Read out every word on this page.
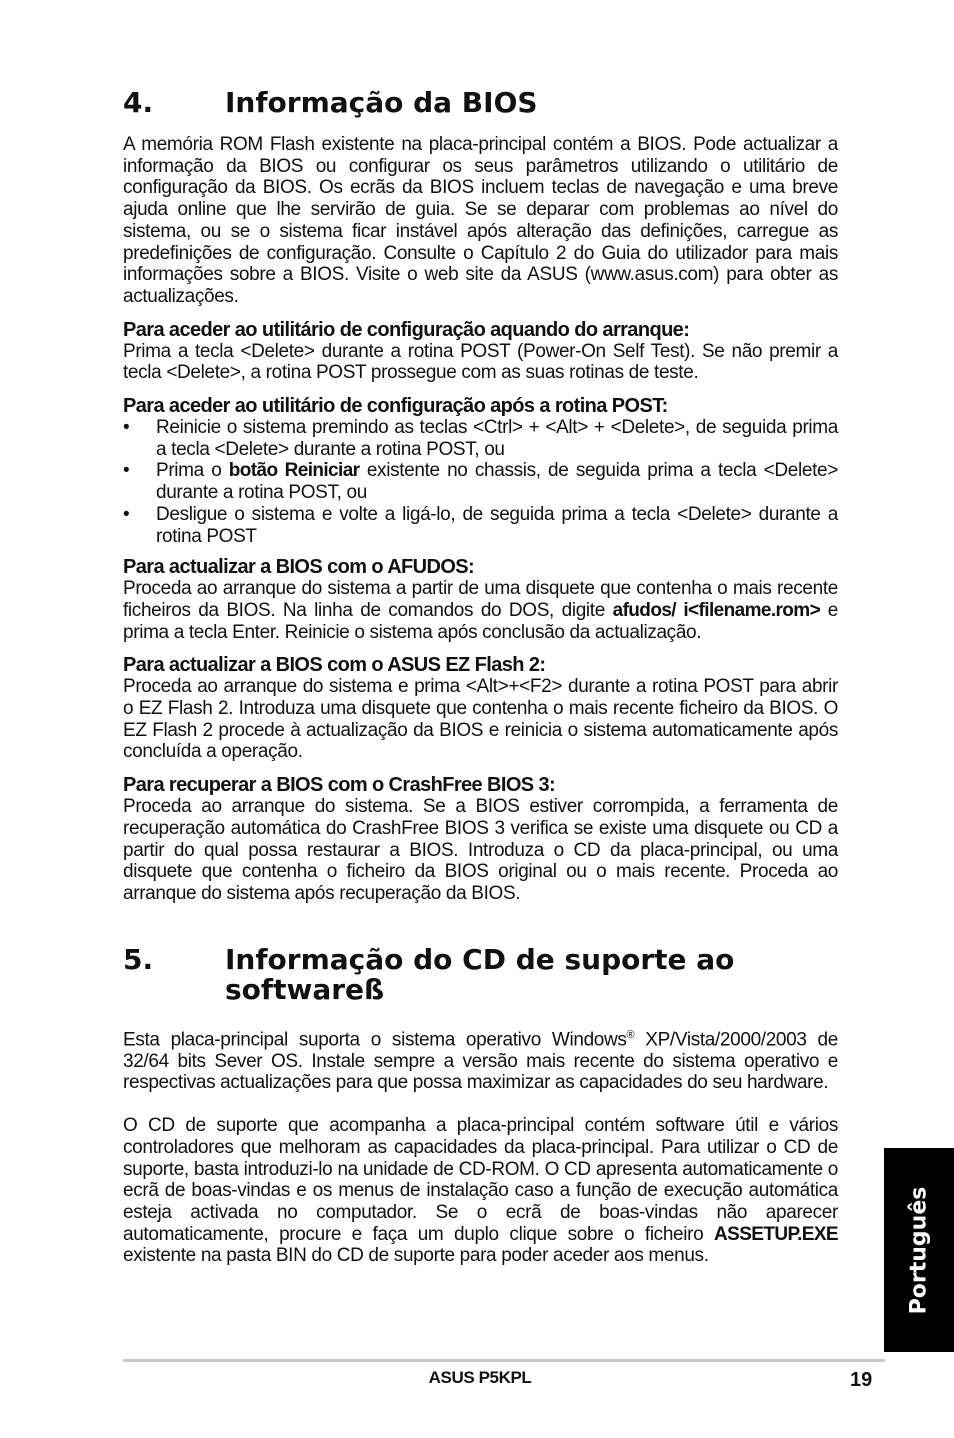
4.	Informação da BIOS

A memória ROM Flash existente na placa-principal contém a BIOS. Pode actualizar a informação da BIOS ou configurar os seus parâmetros utilizando o utilitário de configuração da BIOS. Os ecrãs da BIOS incluem teclas de navegação e uma breve ajuda online que lhe servirão de guia. Se se deparar com problemas ao nível do sistema, ou se o sistema ficar instável após alteração das definições, carregue as predefinições de configuração. Consulte o Capítulo 2 do Guia do utilizador para mais informações sobre a BIOS. Visite o web site da ASUS (www.asus.com) para obter as actualizações.

Para aceder ao utilitário de configuração aquando do arranque:

Prima a tecla <Delete> durante a rotina POST (Power-On Self Test). Se não premir a tecla <Delete>, a rotina POST prossegue com as suas rotinas de teste.

Para aceder ao utilitário de configuração após a rotina POST:
• Reinicie o sistema premindo as teclas <Ctrl> + <Alt> + <Delete>, de seguida prima a tecla <Delete> durante a rotina POST, ou
• Prima o botão Reiniciar existente no chassis, de seguida prima a tecla <Delete> durante a rotina POST, ou
• Desligue o sistema e volte a ligá-lo, de seguida prima a tecla <Delete> durante a rotina POST
Para actualizar a BIOS com o AFUDOS:

Proceda ao arranque do sistema a partir de uma disquete que contenha o mais recente ficheiros da BIOS. Na linha de comandos do DOS, digite afudos/ i<filename.rom> e prima a tecla Enter. Reinicie o sistema após conclusão da actualização.

Para actualizar a BIOS com o ASUS EZ Flash 2:

Proceda ao arranque do sistema e prima <Alt>+<F2> durante a rotina POST para abrir o EZ Flash 2. Introduza uma disquete que contenha o mais recente ficheiro da BIOS. O EZ Flash 2 procede à actualização da BIOS e reinicia o sistema automaticamente após concluída a operação.

Para recuperar a BIOS com o CrashFree BIOS 3:

Proceda ao arranque do sistema. Se a BIOS estiver corrompida, a ferramenta de recuperação automática do CrashFree BIOS 3 verifica se existe uma disquete ou CD a partir do qual possa restaurar a BIOS. Introduza o CD da placa-principal, ou uma disquete que contenha o ficheiro da BIOS original ou o mais recente. Proceda ao arranque do sistema após recuperação da BIOS.

5.	Informação do CD de suporte ao softwareß

Esta placa-principal suporta o sistema operativo Windows® XP/Vista/2000/2003 de 32/64 bits Sever OS. Instale sempre a versão mais recente do sistema operativo e respectivas actualizações para que possa maximizar as capacidades do seu hardware.

O CD de suporte que acompanha a placa-principal contém software útil e vários controladores que melhoram as capacidades da placa-principal. Para utilizar o CD de suporte, basta introduzi-lo na unidade de CD-ROM. O CD apresenta automaticamente o ecrã de boas-vindas e os menus de instalação caso a função de execução automática esteja activada no computador. Se o ecrã de boas-vindas não aparecer automaticamente, procure e faça um duplo clique sobre o ficheiro ASSETUP.EXE existente na pasta BIN do CD de suporte para poder aceder aos menus.	Português
ASUS P5KPL	19
